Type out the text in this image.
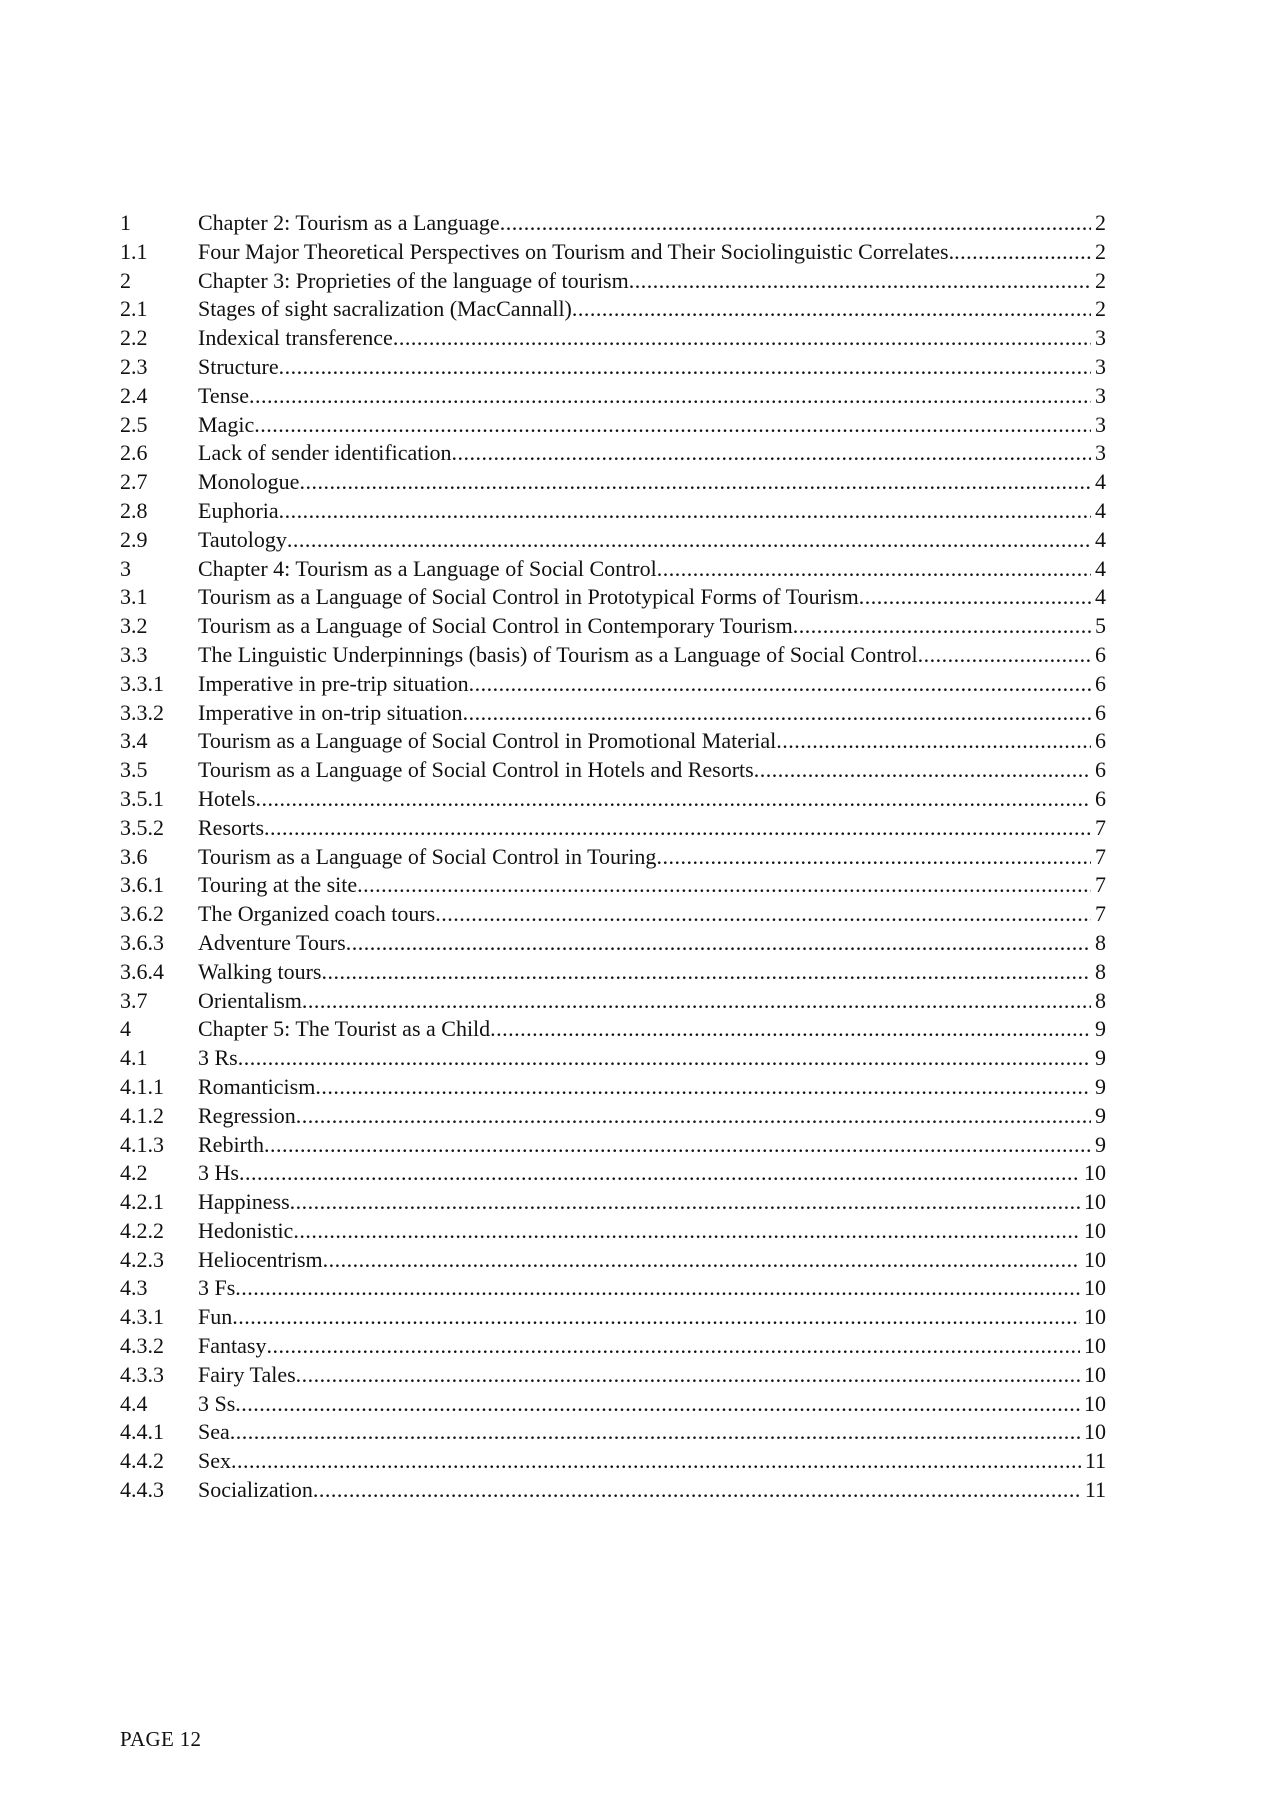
1	Chapter 2: Tourism as a Language .....	2
1.1	Four Major Theoretical Perspectives on Tourism and Their Sociolinguistic Correlates. .....	2
2	Chapter 3: Proprieties of the language of tourism .....	2
2.1	Stages of sight sacralization (MacCannall) .....	2
2.2	Indexical transference .....	3
2.3	Structure .....	3
2.4	Tense .....	3
2.5	Magic .....	3
2.6	Lack of sender identification .....	3
2.7	Monologue .....	4
2.8	Euphoria .....	4
2.9	Tautology .....	4
3	Chapter 4: Tourism as a Language of Social Control .....	4
3.1	Tourism as a Language of Social Control in Prototypical Forms of Tourism .....	4
3.2	Tourism as a Language of Social Control in Contemporary Tourism .....	5
3.3	The Linguistic Underpinnings (basis) of Tourism as a Language of Social Control .....	6
3.3.1	Imperative in pre-trip situation .....	6
3.3.2	Imperative in on-trip situation .....	6
3.4	Tourism as a Language of Social Control in Promotional Material .....	6
3.5	Tourism as a Language of Social Control in Hotels and Resorts .....	6
3.5.1	Hotels .....	6
3.5.2	Resorts .....	7
3.6	Tourism as a Language of Social Control in Touring .....	7
3.6.1	Touring at the site .....	7
3.6.2	The Organized coach tours .....	7
3.6.3	Adventure Tours .....	8
3.6.4	Walking tours .....	8
3.7	Orientalism .....	8
4	Chapter 5: The Tourist as a Child .....	9
4.1	3 Rs .....	9
4.1.1	Romanticism .....	9
4.1.2	Regression .....	9
4.1.3	Rebirth .....	9
4.2	3 Hs .....	10
4.2.1	Happiness .....	10
4.2.2	Hedonistic .....	10
4.2.3	Heliocentrism .....	10
4.3	3 Fs .....	10
4.3.1	Fun .....	10
4.3.2	Fantasy .....	10
4.3.3	Fairy Tales .....	10
4.4	3 Ss .....	10
4.4.1	Sea .....	10
4.4.2	Sex .....	11
4.4.3	Socialization .....	11
PAGE 12
